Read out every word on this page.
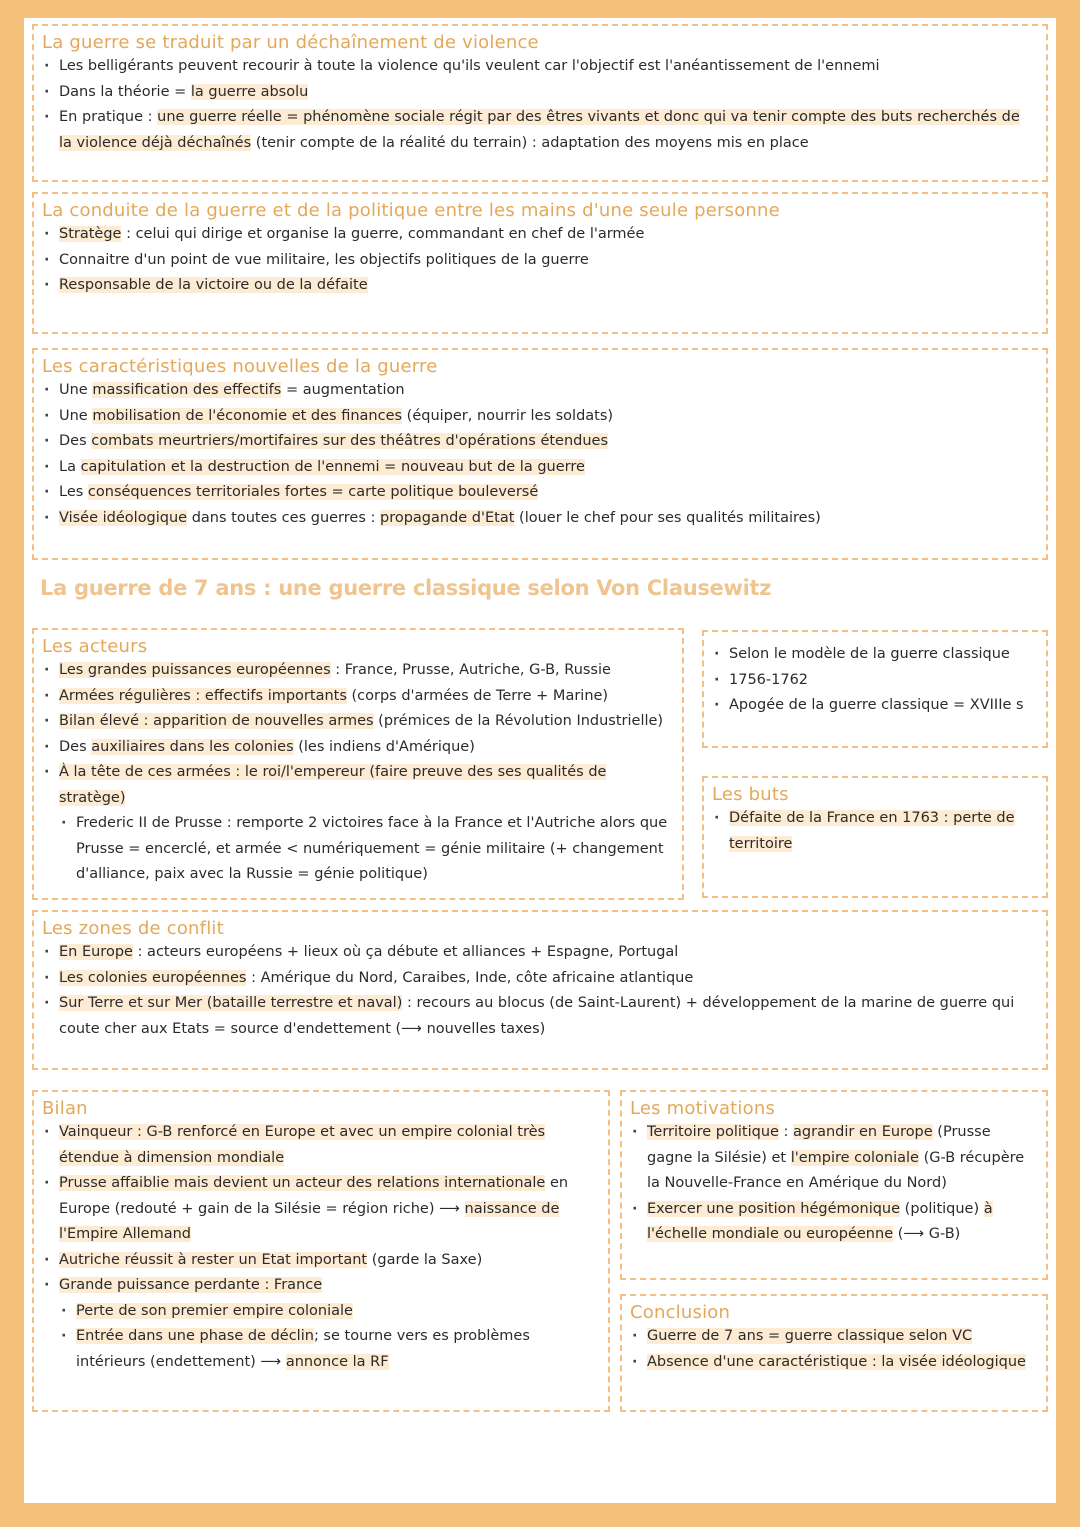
La guerre se traduit par un déchaînement de violence
· Les belligérants peuvent recourir à toute la violence qu'ils veulent car l'objectif est l'anéantissement de l'ennemi
· Dans la théorie = la guerre absolu
· En pratique : une guerre réelle = phénomène sociale régit par des êtres vivants et donc qui va tenir compte des buts recherchés de la violence déjà déchaînés (tenir compte de la réalité du terrain) : adaptation des moyens mis en place
La conduite de la guerre et de la politique entre les mains d'une seule personne
· Stratège : celui qui dirige et organise la guerre, commandant en chef de l'armée
· Connaitre d'un point de vue militaire, les objectifs politiques de la guerre
· Responsable de la victoire ou de la défaite
Les caractéristiques nouvelles de la guerre
· Une massification des effectifs = augmentation
· Une mobilisation de l'économie et des finances (équiper, nourrir les soldats)
· Des combats meurtriers/mortifaires sur des théâtres d'opérations étendues
· La capitulation et la destruction de l'ennemi = nouveau but de la guerre
· Les conséquences territoriales fortes = carte politique bouleversé
· Visée idéologique dans toutes ces guerres : propagande d'Etat (louer le chef pour ses qualités militaires)
La guerre de 7 ans : une guerre classique selon Von Clausewitz
Les acteurs
· Les grandes puissances européennes : France, Prusse, Autriche, G-B, Russie
· Armées régulières : effectifs importants (corps d'armées de Terre + Marine)
· Bilan élevé : apparition de nouvelles armes (prémices de la Révolution Industrielle)
· Des auxiliaires dans les colonies (les indiens d'Amérique)
· À la tête de ces armées : le roi/l'empereur (faire preuve des ses qualités de stratège)
· Frederic II de Prusse : remporte 2 victoires face à la France et l'Autriche alors que Prusse = encerclé, et armée < numériquement = génie militaire (+ changement d'alliance, paix avec la Russie = génie politique)
· Selon le modèle de la guerre classique
· 1756-1762
· Apogée de la guerre classique = XVIIIe s
Les buts
· Défaite de la France en 1763 : perte de territoire
Les zones de conflit
· En Europe : acteurs européens + lieux où ça débute et alliances + Espagne, Portugal
· Les colonies européennes : Amérique du Nord, Caraibes, Inde, côte africaine atlantique
· Sur Terre et sur Mer (bataille terrestre et naval) : recours au blocus (de Saint-Laurent) + développement de la marine de guerre qui coute cher aux Etats = source d'endettement (⟶ nouvelles taxes)
Bilan
· Vainqueur : G-B renforcé en Europe et avec un empire colonial très étendue à dimension mondiale
· Prusse affaiblie mais devient un acteur des relations internationale en Europe (redouté + gain de la Silésie = région riche) ⟶ naissance de l'Empire Allemand
· Autriche réussit à rester un Etat important (garde la Saxe)
· Grande puissance perdante : France
· Perte de son premier empire coloniale
· Entrée dans une phase de déclin; se tourne vers es problèmes intérieurs (endettement) ⟶ annonce la RF
Les motivations
· Territoire politique : agrandir en Europe (Prusse gagne la Silésie) et l'empire coloniale (G-B récupère la Nouvelle-France en Amérique du Nord)
· Exercer une position hégémonique (politique) à l'échelle mondiale ou européenne (⟶ G-B)
Conclusion
· Guerre de 7 ans = guerre classique selon VC
· Absence d'une caractéristique : la visée idéologique
